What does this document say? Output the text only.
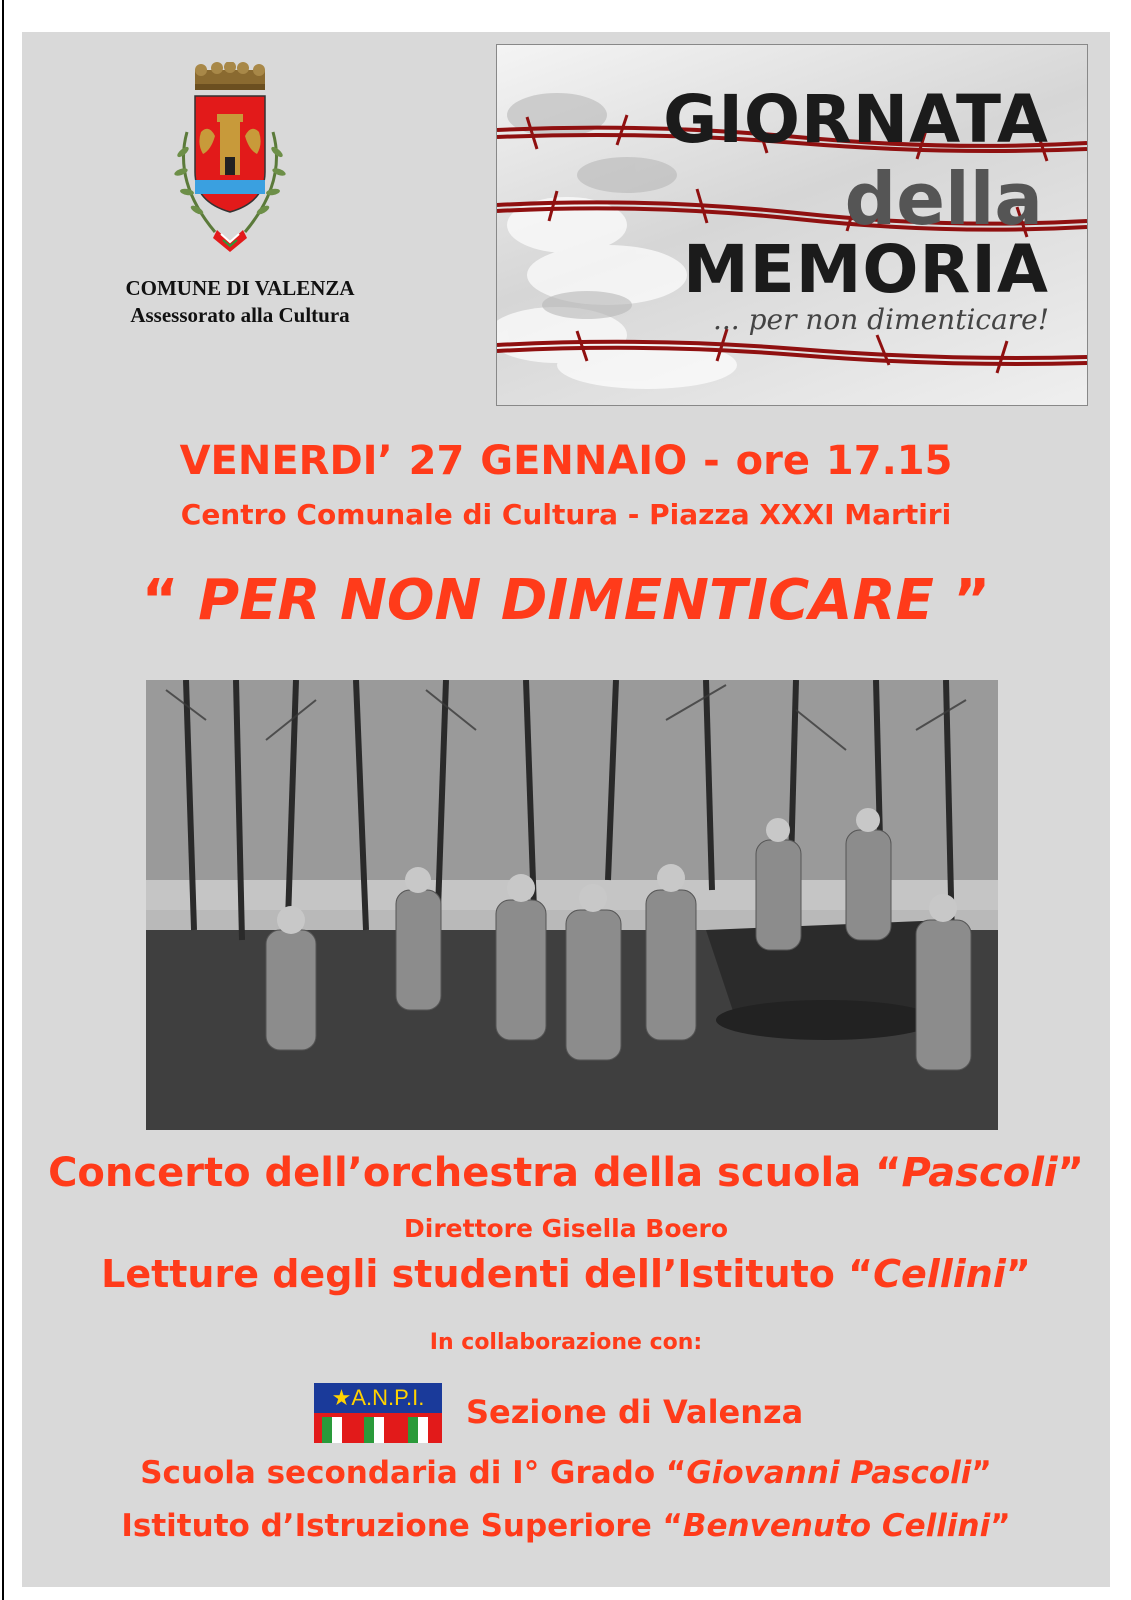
COMUNE DI VALENZA
Assessorato alla Cultura
GIORNATA
della
MEMORIA
... per non dimenticare!
VENERDI’ 27 GENNAIO - ore 17.15
Centro Comunale di Cultura - Piazza XXXI Martiri
“ PER NON DIMENTICARE ”
Concerto dell’orchestra della scuola “Pascoli”
Direttore Gisella Boero
Letture degli studenti dell’Istituto “Cellini”
In collaborazione con:
★A.N.P.I.	Sezione di Valenza
Scuola secondaria di I° Grado “Giovanni Pascoli”
Istituto d’Istruzione Superiore “Benvenuto Cellini”
